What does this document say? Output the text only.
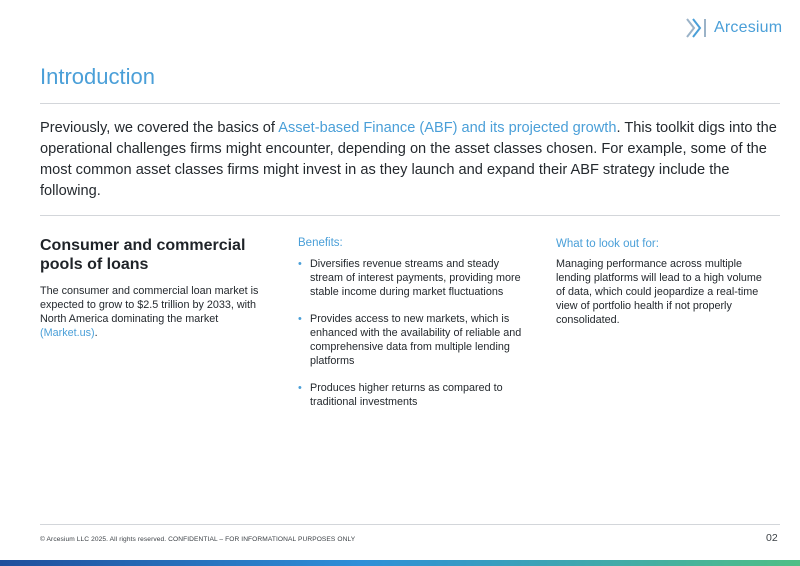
Arcesium
Introduction

Previously, we covered the basics of Asset-based Finance (ABF) and its projected growth. This toolkit digs into the operational challenges firms might encounter, depending on the asset classes chosen. For example, some of the most common asset classes firms might invest in as they launch and expand their ABF strategy include the following.

Consumer and commercial pools of loans

The consumer and commercial loan market is expected to grow to $2.5 trillion by 2033, with North America dominating the market (Market.us).

Benefits:
• Diversifies revenue streams and steady stream of interest payments, providing more stable income during market fluctuations
• Provides access to new markets, which is enhanced with the availability of reliable and comprehensive data from multiple lending platforms
• Produces higher returns as compared to traditional investments
What to look out for:

Managing performance across multiple lending platforms will lead to a high volume of data, which could jeopardize a real-time view of portfolio health if not properly consolidated.

© Arcesium LLC 2025. All rights reserved. CONFIDENTIAL – FOR INFORMATIONAL PURPOSES ONLY	02
